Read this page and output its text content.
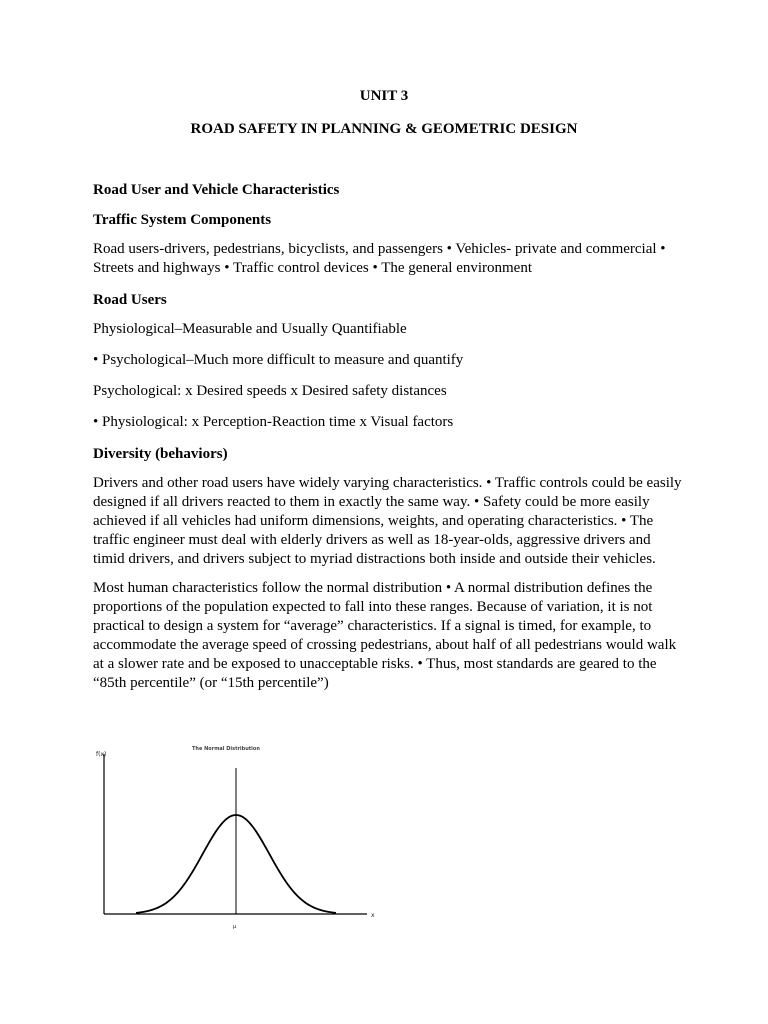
UNIT 3
ROAD SAFETY IN PLANNING & GEOMETRIC DESIGN
Road User and Vehicle Characteristics
Traffic System Components

Road users-drivers, pedestrians, bicyclists, and passengers • Vehicles- private and commercial • Streets and highways • Traffic control devices • The general environment

Road Users

Physiological–Measurable and Usually Quantifiable

• Psychological–Much more difficult to measure and quantify

Psychological: x Desired speeds x Desired safety distances

• Physiological: x Perception-Reaction time x Visual factors

Diversity (behaviors)

Drivers and other road users have widely varying characteristics. • Traffic controls could be easily designed if all drivers reacted to them in exactly the same way. • Safety could be more easily achieved if all vehicles had uniform dimensions, weights, and operating characteristics. • The traffic engineer must deal with elderly drivers as well as 18-year-olds, aggressive drivers and timid drivers, and drivers subject to myriad distractions both inside and outside their vehicles.

Most human characteristics follow the normal distribution • A normal distribution defines the proportions of the population expected to fall into these ranges. Because of variation, it is not practical to design a system for “average” characteristics. If a signal is timed, for example, to accommodate the average speed of crossing pedestrians, about half of all pedestrians would walk at a slower rate and be exposed to unacceptable risks. • Thus, most standards are geared to the “85th percentile” (or “15th percentile”)

The Normal Distribution
f(x)
x
μ
